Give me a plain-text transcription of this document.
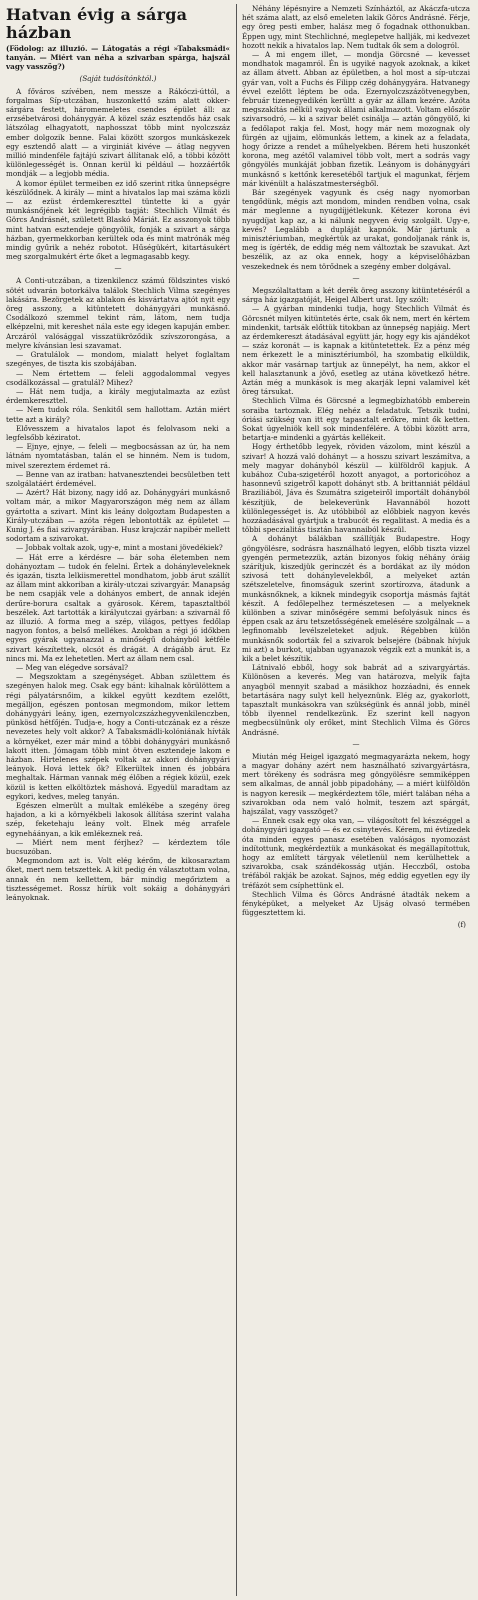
Hatvan évig a sárga házban
(Födolog: az illuzió. — Látogatás a régi »Tabaksmádi« tanyán. — Miért van néha a szivarban spárga, hajszál vagy vasszög?)
(Saját tudósítónktól.)

A főváros szívében, nem messze a Rákóczi-úttól, a forgalmas Síp-utczában, huszonkettő szám alatt okker-sárgára festett, háromemeletes csendes épület áll: az erzsébetvárosi dohánygyár. A közel száz esztendős ház csak látszólag elhagyatott, naphosszat több mint nyolczszáz ember dolgozik benne. Falai között szorgos munkáskezek egy esztendő alatt — a virginiát kivéve — átlag negyven millió mindenféle fajtájú szivart állítanak elő, a többi között különlegességét is. Onnan kerül ki például — hozzáértők mondják — a legjobb média.

A komor épület termeiben ez idő szerint ritka ünnepségre készülődnek. A király — mint a hivatalos lap mai száma közli — az ezüst érdemkereszttel tüntette ki a gyár munkásnőjének két legrégibb tagját: Stechlich Vilmát és Görcs Andrásnét, született Blaskó Máriát. Ez asszonyok több mint hatvan esztendeje göngyölik, fonják a szivart a sárga házban, gyermekkorban kerültek oda és mint matrónák még mindig gyűrik a nehéz robotot. Hűségükért, kitartásukért meg szorgalmukért érte őket a legmagasabb kegy.

—

A Conti-utczában, a tizenkilencz számú földszintes viskó sötét udvarán botorkálva találok Stechlich Vilma szegényes lakására. Bezörgetek az ablakon és kisvártatva ajtót nyit egy öreg asszony, a kitüntetett dohánygyári munkásnő. Csodálkozó szemmel tekint rám, látom, nem tudja elképzelni, mit kereshet nála este egy idegen kapuján ember. Arczáról valósággal visszatükröződik szívszorongása, a melyre kívánsian lesi szavamat.

— Gratulálok — mondom, mialatt helyet foglaltam szegényes, de tiszta kis szobájában.

— Nem értettem — feleli aggodalommal vegyes csodálkozással — gratulál? Mihez?

— Hát nem tudja, a király megjutalmazta az ezüst érdemkereszttel.

— Nem tudok róla. Senkitől sem hallottam. Aztán miért tette azt a király?

Elővesszem a hivatalos lapot és felolvasom neki a legfelsőbb kéziratot.

— Ejnye, ejnye, — feleli — megbocsássan az úr, ha nem látnám nyomtatásban, talán el se hinném. Nem is tudom, mivel szereztem érdemet rá.

— Benne van az iratban: hatvanesztendei becsületben tett szolgálatáért érdemével.

— Azért? Hát bizony, nagy idő az. Dohánygyári munkásnő voltam már, a mikor Magyarországon még nem az állam gyártotta a szivart. Mint kis leány dolgoztam Budapesten a Király-utczában — azóta régen lebontották az épületet — Kunig J. és fiai szivargyárában. Husz krajczár napibér mellett sodortam a szivarokat.

— Jobbak voltak azok, ugy-e, mint a mostani jövedékiek?

— Hát erre a kérdésre — bár soha életemben nem dohányoztam — tudok én felelni. Értek a dohányleveleknek és igazán, tiszta lelkiismerettel mondhatom, jobb árut szállít az állam mint akkoriban a király-utczai szivargyár. Manapság be nem csapják vele a dohányos embert, de annak idején derűre-borura csaltak a gyárosok. Kérem, tapasztaltból beszélek. Azt tartották a királyutczai gyárban: a szivarnál fő az illuzió. A forma meg a szép, világos, pettyes fedőlap nagyon fontos, a belső mellékes. Azokban a régi jó időkben egyes gyárak ugyanazzal a minőségű dohányból kétféle szivart készítettek, olcsót és drágát. A drágább árut. Ez nincs mi. Ma ez lehetetlen. Mert az állam nem csal.

— Meg van elégedve sorsával?

— Megszoktam a szegénységet. Abban születtem és szegényen halok meg. Csak egy bánt: kihalnak körülöttem a régi pályatársnőim, a kikkel együtt kezdtem ezelőtt, megálljon, egészen pontosan megmondom, mikor lettem dohánygyári leány, igen, ezernyolczszázhegyvenkilenczben, pünkösd hétfőjén. Tudja-e, hogy a Conti-utczának ez a része nevezetes hely volt akkor? A Tabaksmádli-kolóniának hívták a környéket, ezer már mind a többi dohánygyári munkásnő lakott itten. Jómagam több mint ötven esztendeje lakom e házban. Hirtelenes szépek voltak az akkori dohánygyári leányok. Hová lettek ők? Elkerültek innen és jobbára meghaltak. Hárman vannak még élőben a régiek közül, ezek közül is ketten elköltöztek máshová. Egyedül maradtam az egykori, kedves, meleg tanyán.

Egészen elmerült a multak emlékébe a szegény öreg hajadon, a ki a környékbeli lakosok állítása szerint valaha szép, feketehaju leány volt. Elnek még arrafele egyneháányan, a kik emlékeznek reá.

— Miért nem ment férjhez? — kérdeztem tőle bucsuzóban.

Megmondom azt is. Volt elég kérőm, de kikosaraztam őket, mert nem tetszettek. A kit pedig én választottam volna, annak én nem kellettem, bár mindig megőriztem a tisztességemet. Rossz hírük volt sokáig a dohánygyári leányoknak.

Néhány lépésnyire a Nemzeti Színháztól, az Akáczfa-utcza hét száma alatt, az első emeleten lakik Görcs Andrásné. Férje, egy öreg pesti ember, halász meg ő fogadnak otthonukban. Éppen ugy, mint Stechlichné, meglepetve hallják, mi kedvezet hozott nekik a hivatalos lap. Nem tudtak ők sem a dologról.

— A mi engem illet, — mondja Görcsné — kevesset mondhatok magamról. Én is ugyiké nagyok azoknak, a kiket az állam átvett. Abban az épületben, a hol most a síp-utczai gyár van, volt a Fuchs és Filipp czég dohánygyára. Hatvanegy évvel ezelőtt léptem be oda. Ezernyolczszázötvenegyben, február tizenegyedikén kerültt a gyár az állam kezére. Azóta megszakítás nélkül vagyok állami alkalmazott. Voltam először szivarsodró, — ki a szivar belét csinálja — aztán göngyölő, ki a fedőlapot rakja fel. Most, hogy már nem mozognak oly fürgén az ujjaim, elömunkás lettem, a kinek az a feladata, hogy őrizze a rendet a műhelyekben. Bérem heti huszonkét korona, meg azétől valamivel több volt, mert a sodrás vagy göngyölés munkáját jobban fizetik. Leányom is dohánygyári munkásnő s kettőnk keresetéből tartjuk el magunkat, férjem már kivénült a halászatmesterségből.

Bár szegények vagyunk és cség nagy nyomorban tengődünk, mégis azt mondom, minden rendben volna, csak már meglenne a nyugdíjjétlekunk. Kétezer korona évi nyugdíjat kap az, a ki nálunk negyven évig szolgált. Ugy-e, kevés? Legalább a dupláját kapnók. Már jártunk a minisztériumban, megkértük az urakat, gondoljanak ránk is, meg is ígérték, de eddig még nem változtak be szavukat. Azt beszélik, az az oka ennek, hogy a képviselőházban veszekednek és nem törődnek a szegény ember dolgával.

—

Megszólaltattam a két derék öreg asszony kitüntetéséről a sárga ház igazgatóját, Heigel Albert urat. Igy szólt:

— A gyárban mindenki tudja, hogy Stechlich Vilmát és Görcsnét milyen kitüntetés érte, csak ők nem, mert én kértem mindenkit, tartsák előttük titokban az ünnepség napjáig. Mert az érdemkereszt átadásával együtt jár, hogy egy kis ajándékot — száz koronát — is kapnak a kitüntetettek. Ez a pénz még nem érkezett le a minisztériumból, ha szombatig elküldik, akkor már vasárnap tartjuk az ünnepélyt, ha nem, akkor el kell halasztanunk a jövő, esetleg az utána következő hétre. Aztán még a munkások is meg akarják lepni valamivel két öreg társukat.

Stechlich Vilma és Görcsné a legmegbízhatóbb emberein soraiba tartoznak. Elég nehéz a feladatuk. Tetszik tudni, óriási szükség van itt egy tapasztalt erőkre, mint ők ketten. Sokat úgyelniök kell sok mindenfélére. A többi között arra, betartja-e mindenki a gyártás kellékeit.

Hogy érthetőbb legyek, röviden vázolom, mint készül a szivar! A hozzá való dohányt — a hosszu szivart leszámítva, a mely magyar dohányból készül — külföldről kapjuk. A kubához Cuba-szigetéről hozott anyagot, a portoricóhoz a hasonnevű szigetről kapott dohányt stb. A brittanniát például Braziliából, Jáva és Szumátra szigeteiről importált dohányból készítjük, de belekeverünk Havannából hozott különlegességet is. Az utóbbiból az előbbiek nagyon kevés hozzáadásával gyártjuk a trabucót és regalitast. A media és a többi speczialitás tisztán havannaiból készül.

A dohányt bálákban szállítják Budapestre. Hogy göngyölésre, sodrásra használható legyen, előbb tiszta vizzel gyengén permetezzük, aztán bizonyos fokig néhány óráig szárítjuk, kiszedjük gerinczét és a bordákat az ily módon szivosá tett dohánylevelekből, a melyeket aztán szétszeletelve, finomságuk szerint szortírozva, átadunk a munkásnőknek, a kiknek mindegyik csoportja másmás fajtát készít. A fedőlepelhez természetesen — a melyeknek különben a szivar minőségére semmi befolyásuk nincs és éppen csak az áru tetszetősségének emelésére szolgálnak — a legfinomabb levélszeleteket adjuk. Régebben külön munkásnők sodorták fel a szivarok belsejére (bábnak hívjuk mi azt) a burkot, ujabban ugyanazok végzik ezt a munkát is, a kik a belet készítik.

Látnivaló ebből, hogy sok babrát ad a szivargyártás. Különösen a keverés. Meg van határozva, melyik fajta anyagból mennyit szabad a másikhoz hozzáadni, és ennek betartására nagy sulyt kell helyeznünk. Elég az, gyakorlott, tapasztalt munkásokra van szükségünk és annál jobb, minél több ilyennel rendelkezünk. Ez szerint kell nagyon megbecsülnünk oly erőket, mint Stechlich Vilma és Görcs Andrásné.

—

Miután még Heigel igazgató megmagyarázta nekem, hogy a magyar dohány azért nem használható szivargyártásra, mert törékeny és sodrásra meg göngyölésre semmiképpen sem alkalmas, de annál jobb pipadohány, — a miért külföldön is nagyon keresik — megkérdeztem tőle, miért talában néha a szivarokban oda nem való holmit, teszem azt spárgát, hajszálat, vagy vasszöget?

— Ennek csak egy oka van, — világosított fel készséggel a dohánygyári igazgató — és ez csinytevés. Kérem, mi évtizedek óta minden egyes panasz esetében valóságos nyomozást indítottunk, megkérdeztük a munkásokat és megállapítottuk, hogy az említett tárgyak véletlenül nem kerülhettek a szivarokba, csak szándékosság utján. Hecczből, ostoba tréfából rakják be azokat. Sajnos, még eddig egyetlen egy ily tréfázót sem csíphettünk el.

Stechlich Vilma és Görcs Andrásné átadták nekem a fényképüket, a melyeket Az Ujság olvasó termében függesztettem ki.

(f)
